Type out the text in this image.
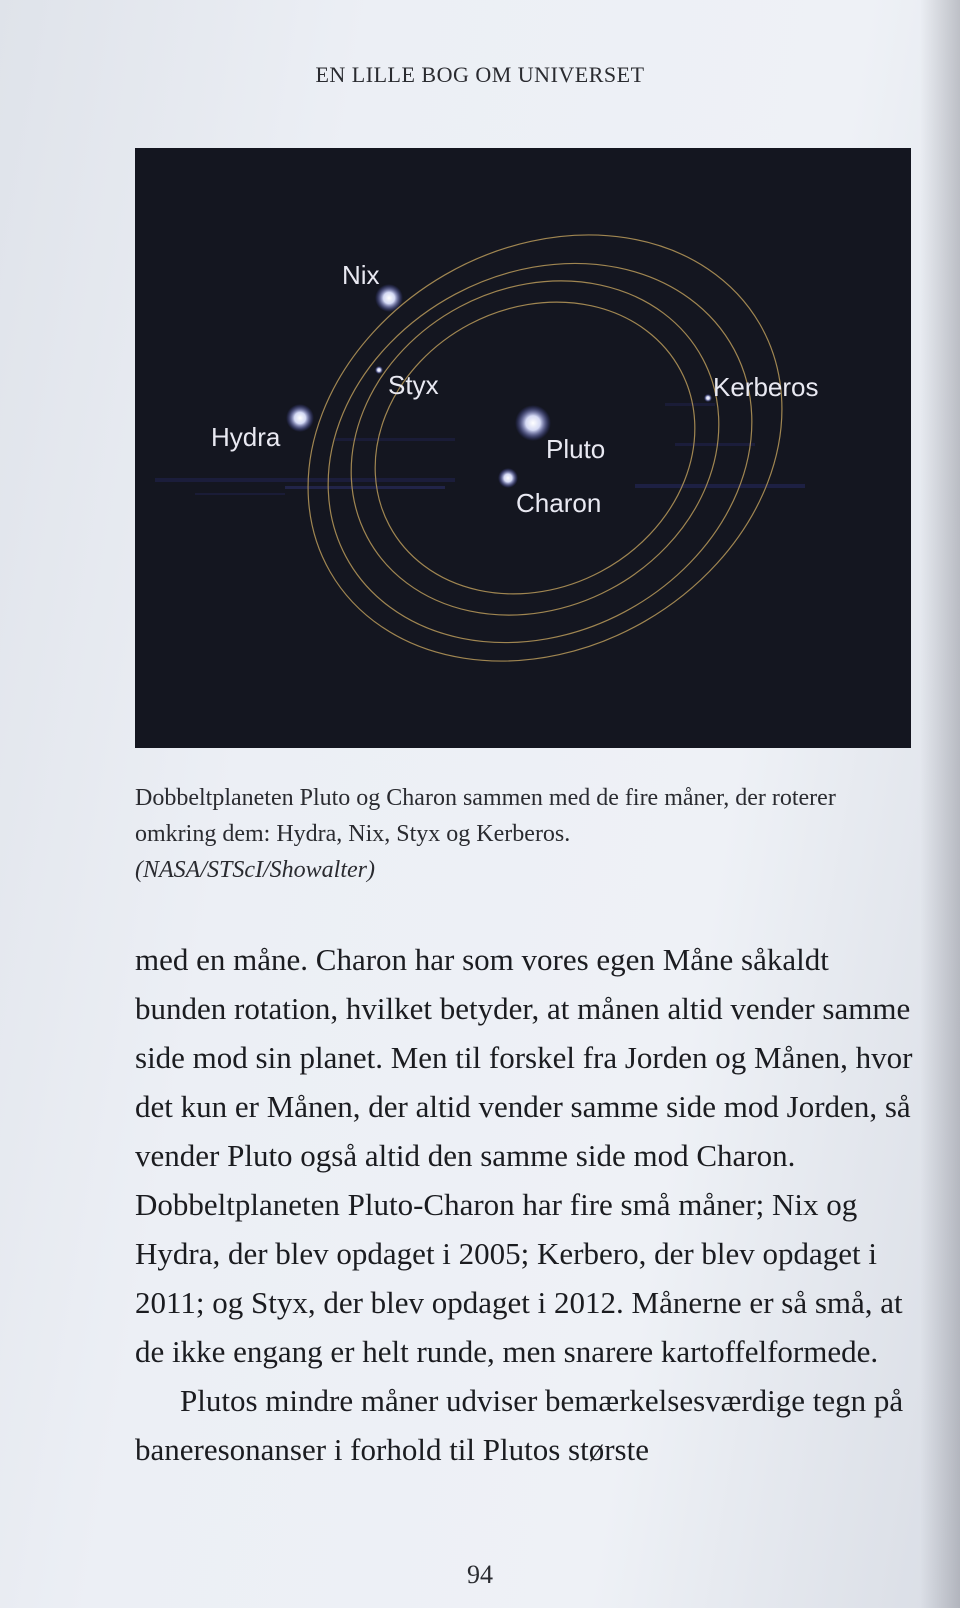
EN LILLE BOG OM UNIVERSET
Nix
Styx
Hydra	Pluto
Charon
Kerberos
Dobbeltplaneten Pluto og Charon sammen med de fire måner, der roterer omkring dem: Hydra, Nix, Styx og Kerberos.
(NASA/STScI/Showalter)

med en måne. Charon har som vores egen Måne såkaldt bunden rotation, hvilket betyder, at månen altid vender samme side mod sin planet. Men til forskel fra Jorden og Månen, hvor det kun er Månen, der altid vender samme side mod Jorden, så vender Pluto også altid den samme side mod Charon. Dobbeltplaneten Pluto-Charon har fire små måner; Nix og Hydra, der blev opdaget i 2005; Kerbero, der blev opdaget i 2011; og Styx, der blev opdaget i 2012. Månerne er så små, at de ikke engang er helt runde, men snarere kartoffelformede.

Plutos mindre måner udviser bemærkelsesværdige tegn på baneresonanser i forhold til Plutos største

94
